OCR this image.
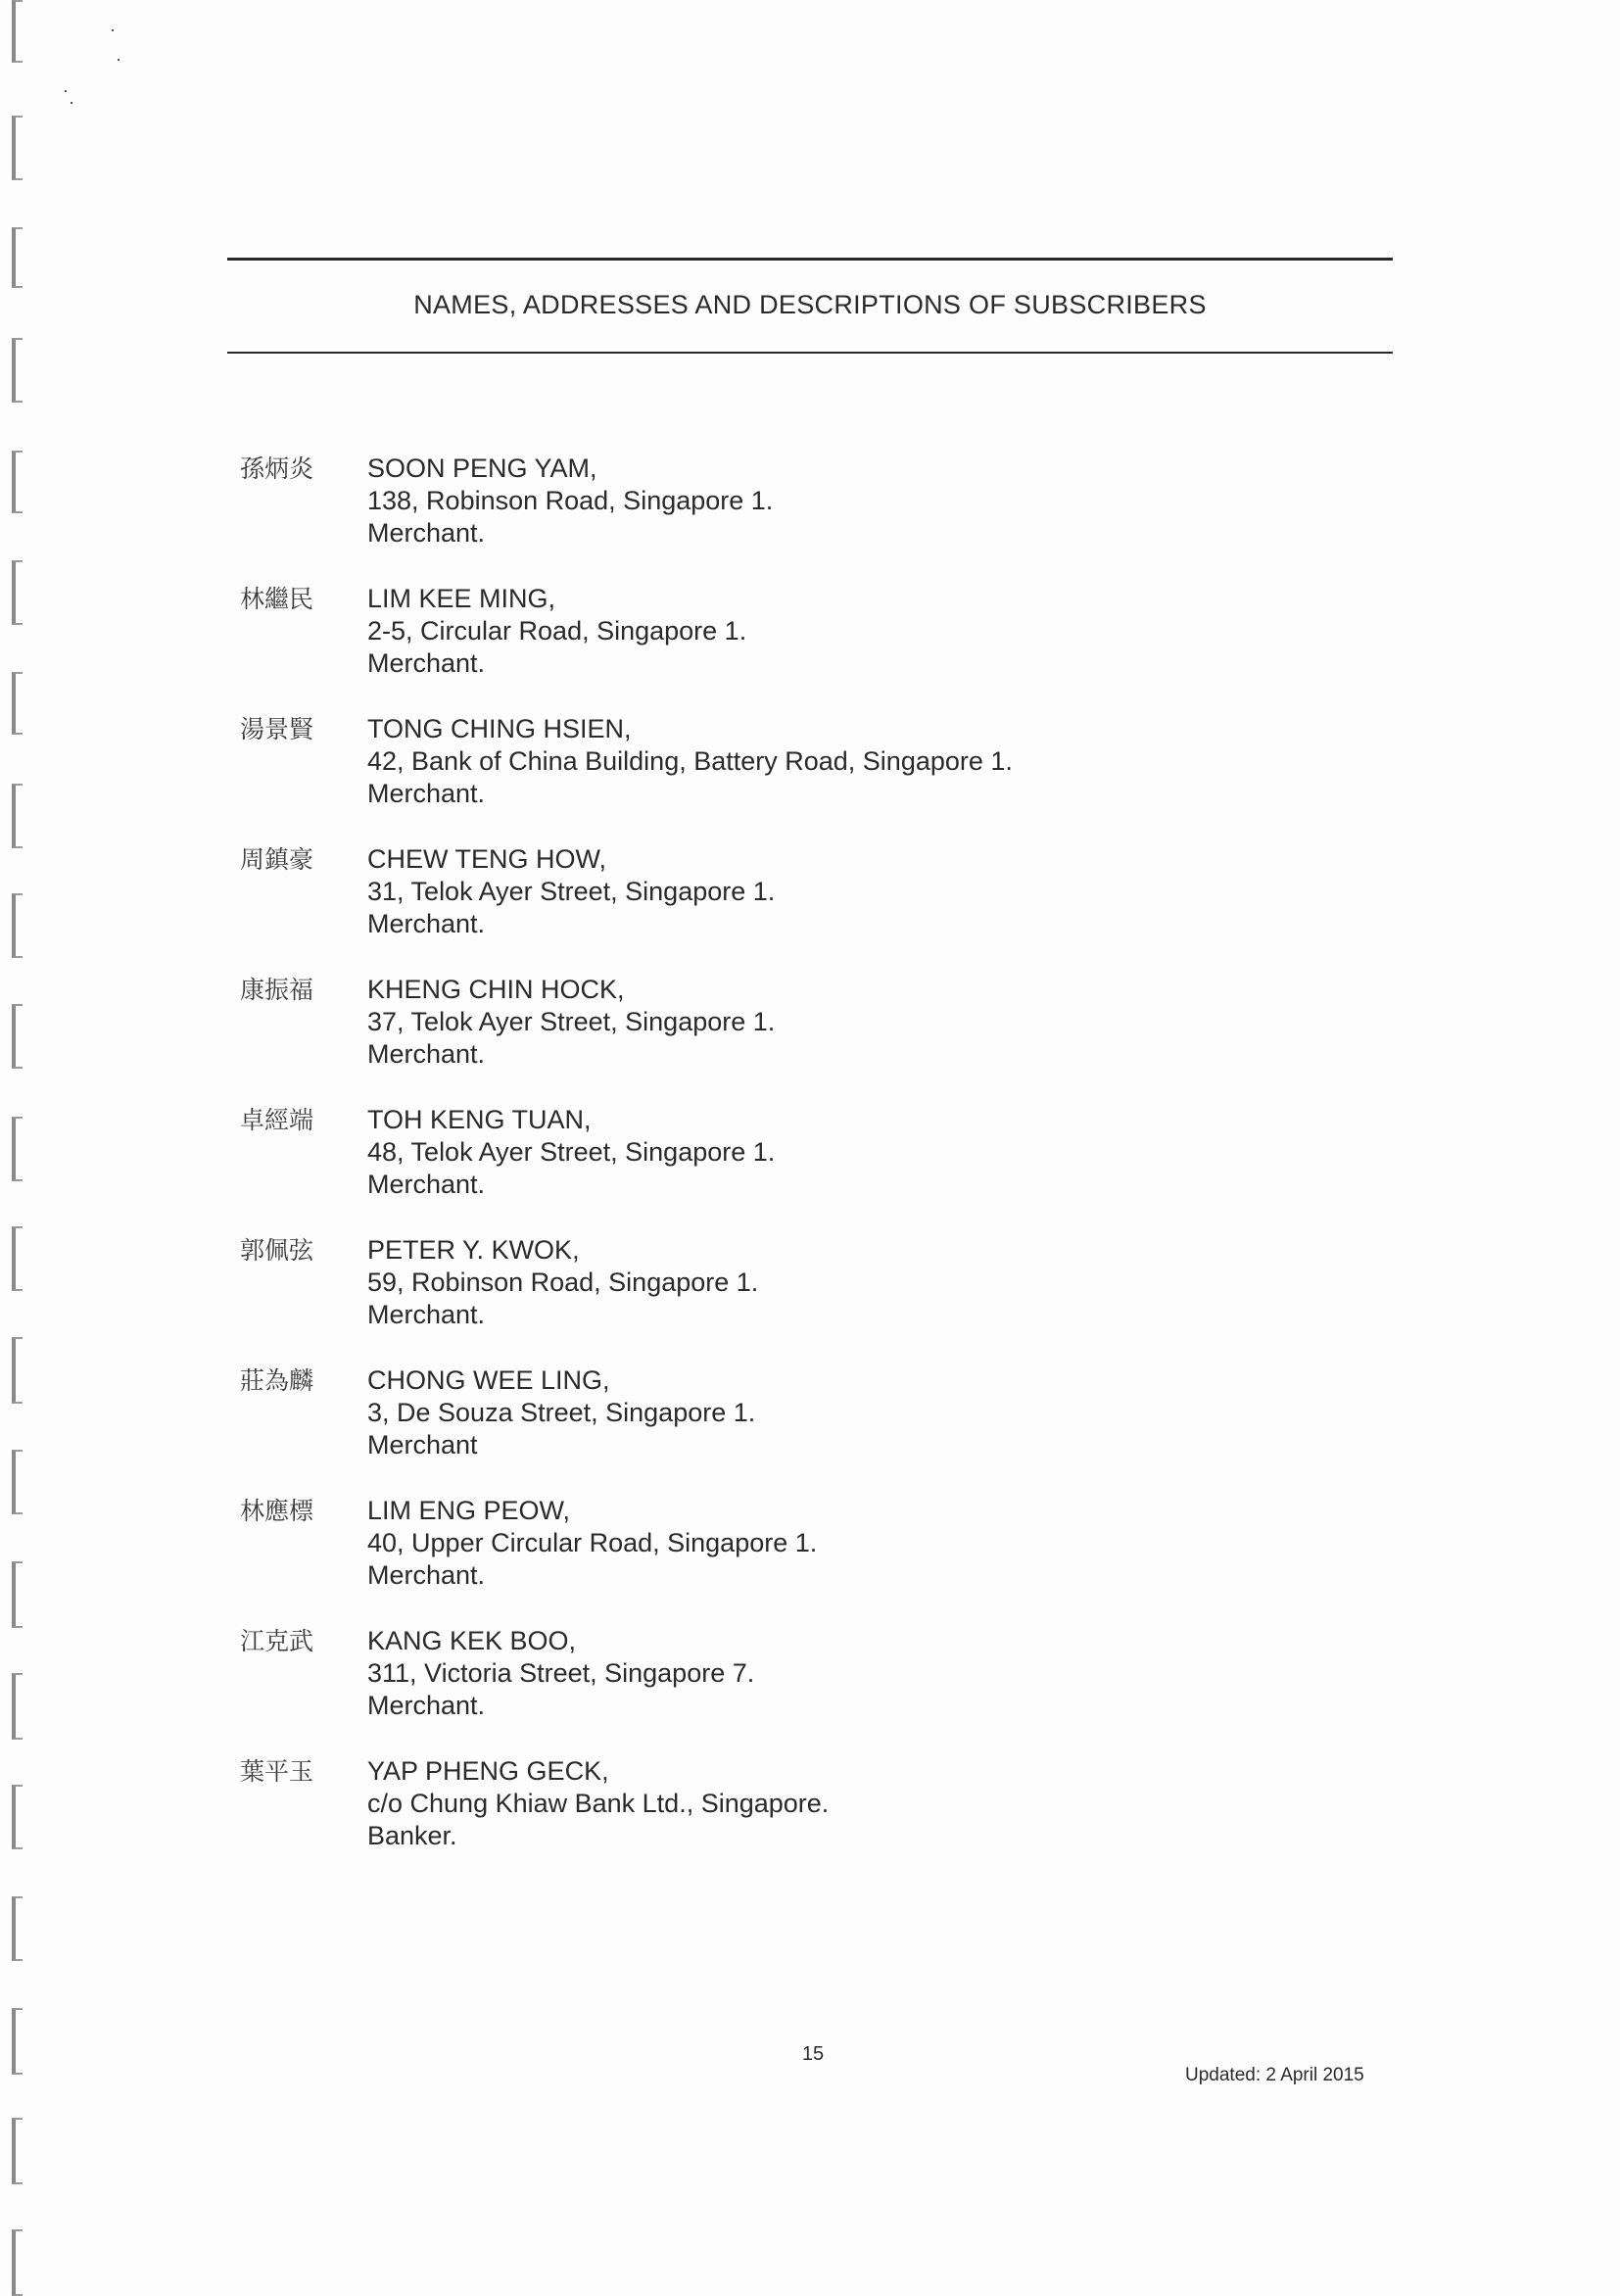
NAMES, ADDRESSES AND DESCRIPTIONS OF SUBSCRIBERS
孫炳炎	SOON PENG YAM,
138, Robinson Road, Singapore 1.
Merchant.
林繼民	LIM KEE MING,
2-5, Circular Road, Singapore 1.
Merchant.
湯景賢	TONG CHING HSIEN,
42, Bank of China Building, Battery Road, Singapore 1.
Merchant.
周鎮豪	CHEW TENG HOW,
31, Telok Ayer Street, Singapore 1.
Merchant.
康振福	KHENG CHIN HOCK,
37, Telok Ayer Street, Singapore 1.
Merchant.
卓經端	TOH KENG TUAN,
48, Telok Ayer Street, Singapore 1.
Merchant.
郭佩弦	PETER Y. KWOK,
59, Robinson Road, Singapore 1.
Merchant.
莊為麟	CHONG WEE LING,
3, De Souza Street, Singapore 1.
Merchant
林應標	LIM ENG PEOW,
40, Upper Circular Road, Singapore 1.
Merchant.
江克武	KANG KEK BOO,
311, Victoria Street, Singapore 7.
Merchant.
葉平玉	YAP PHENG GECK,
c/o Chung Khiaw Bank Ltd., Singapore.
Banker.
15
Updated: 2 April 2015
